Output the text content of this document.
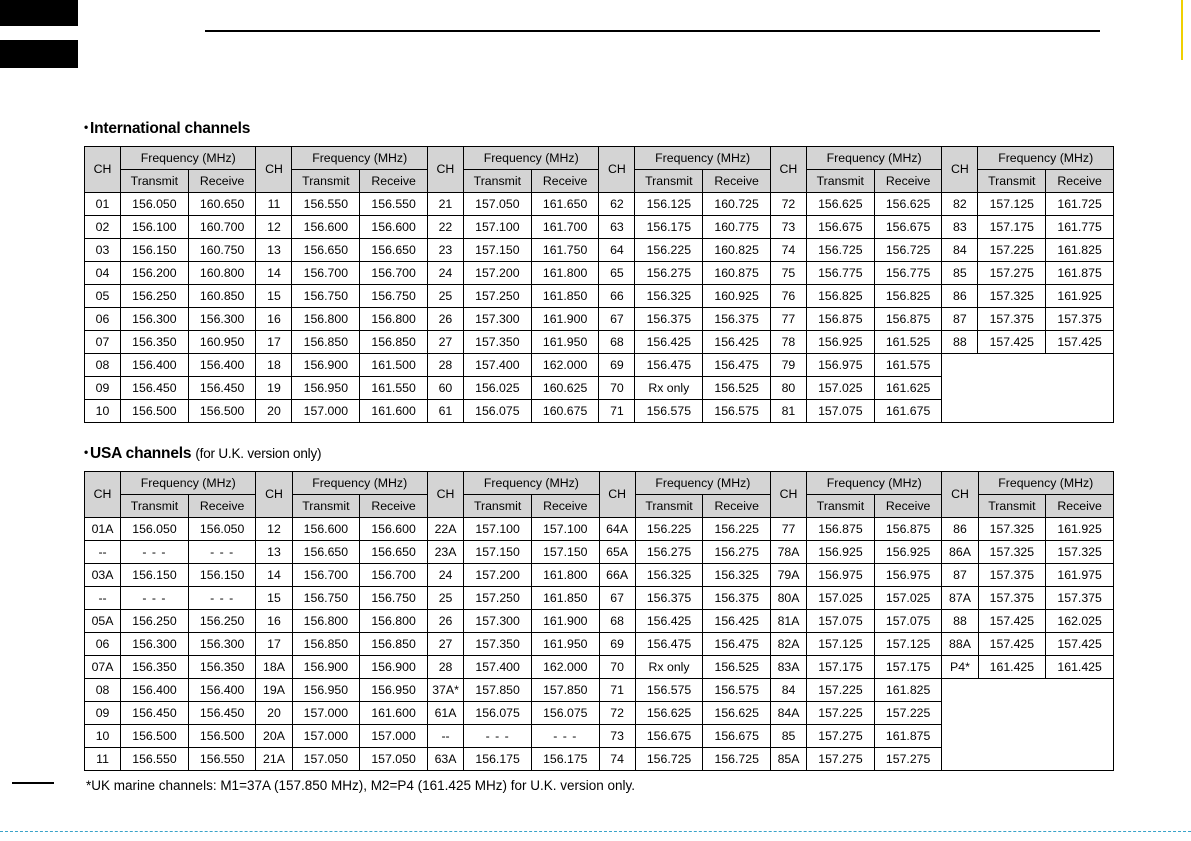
• International channels
CH	Frequency (MHz)		CH	Frequency (MHz)		CH	Frequency (MHz)		CH	Frequency (MHz)		CH	Frequency (MHz)		CH	Frequency (MHz)	
	Transmit	Receive		Transmit	Receive		Transmit	Receive		Transmit	Receive		Transmit	Receive		Transmit	Receive
01	156.050	160.650	11	156.550	156.550	21	157.050	161.650	62	156.125	160.725	72	156.625	156.625	82	157.125	161.725
02	156.100	160.700	12	156.600	156.600	22	157.100	161.700	63	156.175	160.775	73	156.675	156.675	83	157.175	161.775
03	156.150	160.750	13	156.650	156.650	23	157.150	161.750	64	156.225	160.825	74	156.725	156.725	84	157.225	161.825
04	156.200	160.800	14	156.700	156.700	24	157.200	161.800	65	156.275	160.875	75	156.775	156.775	85	157.275	161.875
05	156.250	160.850	15	156.750	156.750	25	157.250	161.850	66	156.325	160.925	76	156.825	156.825	86	157.325	161.925
06	156.300	156.300	16	156.800	156.800	26	157.300	161.900	67	156.375	156.375	77	156.875	156.875	87	157.375	157.375
07	156.350	160.950	17	156.850	156.850	27	157.350	161.950	68	156.425	156.425	78	156.925	161.525	88	157.425	157.425
08	156.400	156.400	18	156.900	161.500	28	157.400	162.000	69	156.475	156.475	79	156.975	161.575			
09	156.450	156.450	19	156.950	161.550	60	156.025	160.625	70	Rx only	156.525	80	157.025	161.625			
10	156.500	156.500	20	157.000	161.600	61	156.075	160.675	71	156.575	156.575	81	157.075	161.675			
• USA channels (for U.K. version only)
CH	Frequency (MHz)		CH	Frequency (MHz)		CH	Frequency (MHz)		CH	Frequency (MHz)		CH	Frequency (MHz)		CH	Frequency (MHz)	
	Transmit	Receive		Transmit	Receive		Transmit	Receive		Transmit	Receive		Transmit	Receive		Transmit	Receive
01A	156.050	156.050	12	156.600	156.600	22A	157.100	157.100	64A	156.225	156.225	77	156.875	156.875	86	157.325	161.925
--	- - -	- - -	13	156.650	156.650	23A	157.150	157.150	65A	156.275	156.275	78A	156.925	156.925	86A	157.325	157.325
03A	156.150	156.150	14	156.700	156.700	24	157.200	161.800	66A	156.325	156.325	79A	156.975	156.975	87	157.375	161.975
--	- - -	- - -	15	156.750	156.750	25	157.250	161.850	67	156.375	156.375	80A	157.025	157.025	87A	157.375	157.375
05A	156.250	156.250	16	156.800	156.800	26	157.300	161.900	68	156.425	156.425	81A	157.075	157.075	88	157.425	162.025
06	156.300	156.300	17	156.850	156.850	27	157.350	161.950	69	156.475	156.475	82A	157.125	157.125	88A	157.425	157.425
07A	156.350	156.350	18A	156.900	156.900	28	157.400	162.000	70	Rx only	156.525	83A	157.175	157.175	P4*	161.425	161.425
08	156.400	156.400	19A	156.950	156.950	37A*	157.850	157.850	71	156.575	156.575	84	157.225	161.825			
09	156.450	156.450	20	157.000	161.600	61A	156.075	156.075	72	156.625	156.625	84A	157.225	157.225			
10	156.500	156.500	20A	157.000	157.000	--	- - -	- - -	73	156.675	156.675	85	157.275	161.875			
11	156.550	156.550	21A	157.050	157.050	63A	156.175	156.175	74	156.725	156.725	85A	157.275	157.275			
*UK marine channels: M1=37A (157.850 MHz), M2=P4 (161.425 MHz) for U.K. version only.
